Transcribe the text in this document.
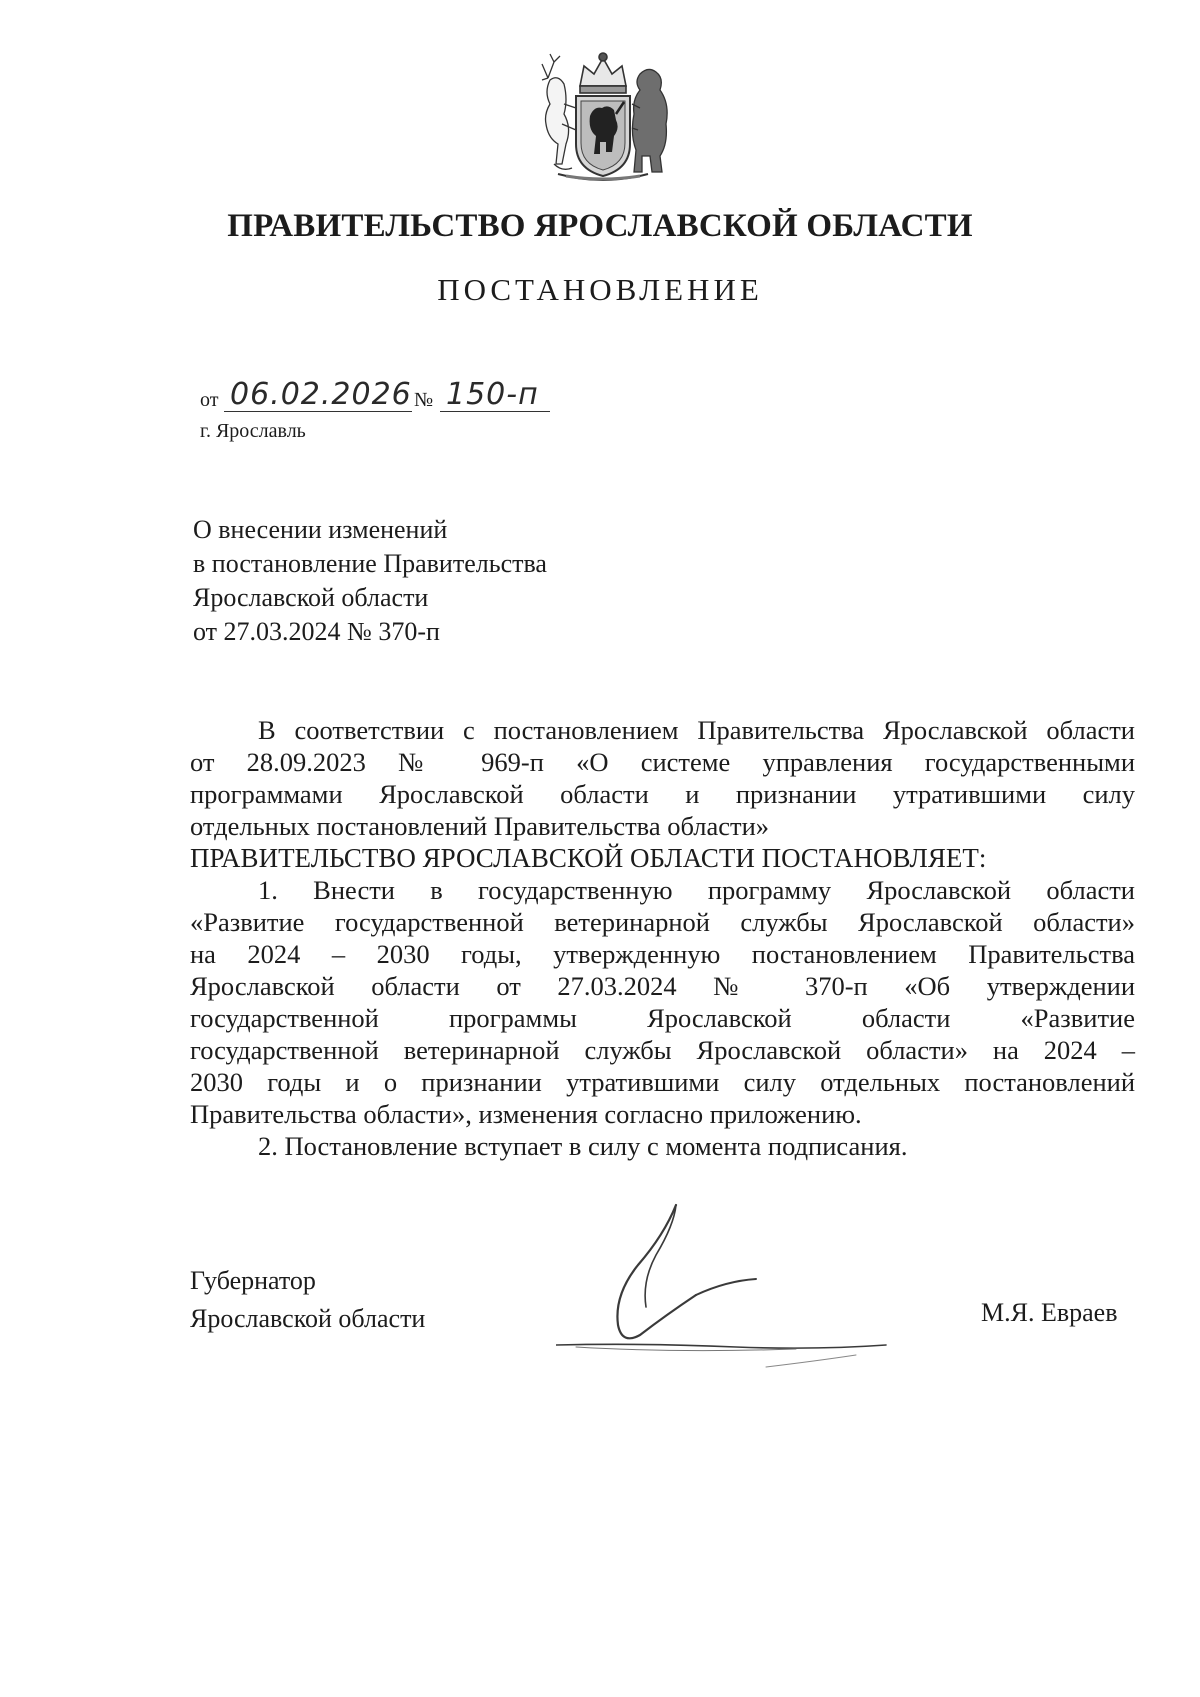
ПРАВИТЕЛЬСТВО ЯРОСЛАВСКОЙ ОБЛАСТИ
ПОСТАНОВЛЕНИЕ
от 06.02.2026 № 150-п
г. Ярославль
О внесении изменений
в постановление Правительства
Ярославской области
от 27.03.2024 № 370-п
В соответствии с постановлением Правительства Ярославской области
от 28.09.2023 № 969-п «О системе управления государственными
программами Ярославской области и признании утратившими силу
отдельных постановлений Правительства области»
ПРАВИТЕЛЬСТВО ЯРОСЛАВСКОЙ ОБЛАСТИ ПОСТАНОВЛЯЕТ:
1. Внести в государственную программу Ярославской области
«Развитие государственной ветеринарной службы Ярославской области»
на 2024 – 2030 годы, утвержденную постановлением Правительства
Ярославской области от 27.03.2024 № 370-п «Об утверждении
государственной программы Ярославской области «Развитие
государственной ветеринарной службы Ярославской области» на 2024 –
2030 годы и о признании утратившими силу отдельных постановлений
Правительства области», изменения согласно приложению.
2. Постановление вступает в силу с момента подписания.
Губернатор
Ярославской области	М.Я. Евраев
